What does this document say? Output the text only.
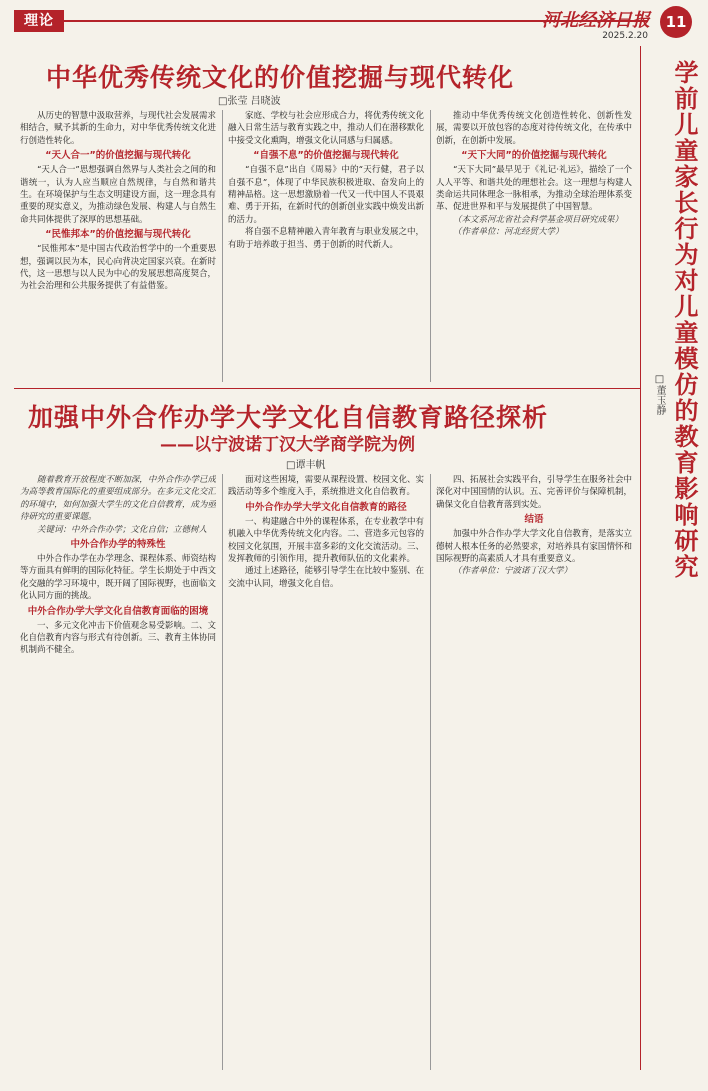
理论	河北经济日报
2025.2.20
11
中华优秀传统文化的价值挖掘与现代转化
□张莹 吕晓波

从历史的智慧中汲取营养，与现代社会发展需求相结合，赋予其新的生命力，对中华优秀传统文化进行创造性转化。

“天人合一”的价值挖掘与现代转化

“天人合一”思想强调自然界与人类社会之间的和谐统一，认为人应当顺应自然规律，与自然和谐共生。在环境保护与生态文明建设方面，这一理念具有重要的现实意义，为推动绿色发展、构建人与自然生命共同体提供了深厚的思想基础。

“民惟邦本”的价值挖掘与现代转化

“民惟邦本”是中国古代政治哲学中的一个重要思想，强调以民为本，民心向背决定国家兴衰。在新时代，这一思想与以人民为中心的发展思想高度契合，为社会治理和公共服务提供了有益借鉴。

家庭、学校与社会应形成合力，将优秀传统文化融入日常生活与教育实践之中，推动人们在潜移默化中接受文化熏陶，增强文化认同感与归属感。

“自强不息”的价值挖掘与现代转化

“自强不息”出自《周易》中的“天行健，君子以自强不息”，体现了中华民族积极进取、奋发向上的精神品格。这一思想激励着一代又一代中国人不畏艰难、勇于开拓，在新时代的创新创业实践中焕发出新的活力。

将自强不息精神融入青年教育与职业发展之中，有助于培养敢于担当、勇于创新的时代新人。

推动中华优秀传统文化创造性转化、创新性发展，需要以开放包容的态度对待传统文化，在传承中创新，在创新中发展。

“天下大同”的价值挖掘与现代转化

“天下大同”最早见于《礼记·礼运》，描绘了一个人人平等、和谐共处的理想社会。这一理想与构建人类命运共同体理念一脉相承，为推动全球治理体系变革、促进世界和平与发展提供了中国智慧。

（本文系河北省社会科学基金项目研究成果）

（作者单位：河北经贸大学）

加强中外合作办学大学文化自信教育路径探析
——以宁波诺丁汉大学商学院为例
□谭丰帆

随着教育开放程度不断加深，中外合作办学已成为高等教育国际化的重要组成部分。在多元文化交汇的环境中，如何加强大学生的文化自信教育，成为亟待研究的重要课题。

关键词：中外合作办学；文化自信；立德树人

中外合作办学的特殊性

中外合作办学在办学理念、课程体系、师资结构等方面具有鲜明的国际化特征。学生长期处于中西文化交融的学习环境中，既开阔了国际视野，也面临文化认同方面的挑战。

中外合作办学大学文化自信教育面临的困境

一、多元文化冲击下价值观念易受影响。二、文化自信教育内容与形式有待创新。三、教育主体协同机制尚不健全。

面对这些困境，需要从课程设置、校园文化、实践活动等多个维度入手，系统推进文化自信教育。

中外合作办学大学文化自信教育的路径

一、构建融合中外的课程体系，在专业教学中有机融入中华优秀传统文化内容。二、营造多元包容的校园文化氛围，开展丰富多彩的文化交流活动。三、发挥教师的引领作用，提升教师队伍的文化素养。

通过上述路径，能够引导学生在比较中鉴别、在交流中认同，增强文化自信。

四、拓展社会实践平台，引导学生在服务社会中深化对中国国情的认识。五、完善评价与保障机制，确保文化自信教育落到实处。

结语

加强中外合作办学大学文化自信教育，是落实立德树人根本任务的必然要求，对培养具有家国情怀和国际视野的高素质人才具有重要意义。

（作者单位：宁波诺丁汉大学）	学前儿童家长行为对儿童模仿的教育影响研究
□董玉静
